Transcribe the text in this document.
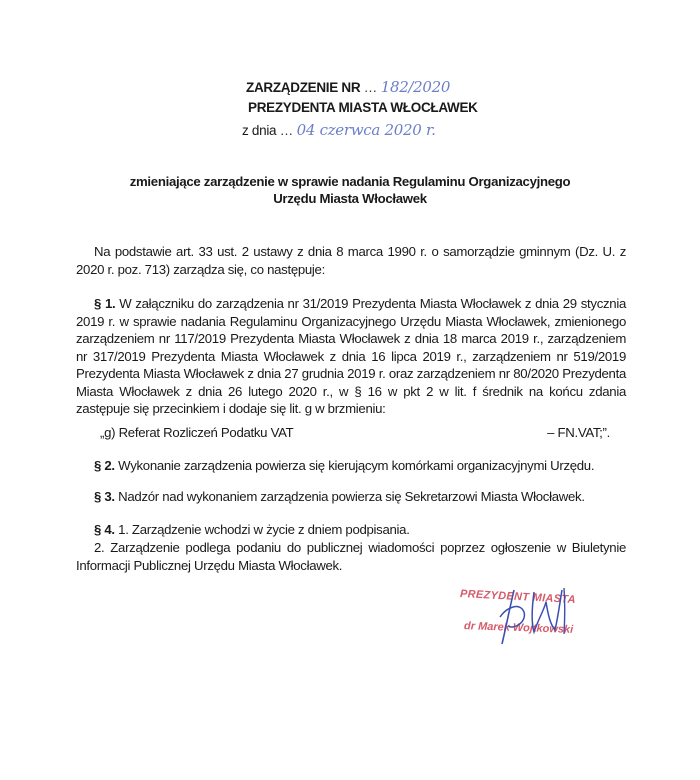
ZARZĄDZENIE NR … 182/2020
PREZYDENTA MIASTA WŁOCŁAWEK
z dnia … 04 czerwca 2020 r.
zmieniające zarządzenie w sprawie nadania Regulaminu Organizacyjnego
Urzędu Miasta Włocławek
Na podstawie art. 33 ust. 2 ustawy z dnia 8 marca 1990 r. o samorządzie gminnym (Dz. U. z 2020 r. poz. 713) zarządza się, co następuje:
§ 1. W załączniku do zarządzenia nr 31/2019 Prezydenta Miasta Włocławek z dnia 29 stycznia 2019 r. w sprawie nadania Regulaminu Organizacyjnego Urzędu Miasta Włocławek, zmienionego zarządzeniem nr 117/2019 Prezydenta Miasta Włocławek z dnia 18 marca 2019 r., zarządzeniem nr 317/2019 Prezydenta Miasta Włocławek z dnia 16 lipca 2019 r., zarządzeniem nr 519/2019 Prezydenta Miasta Włocławek z dnia 27 grudnia 2019 r. oraz zarządzeniem nr 80/2020 Prezydenta Miasta Włocławek z dnia 26 lutego 2020 r., w § 16 w pkt 2 w lit. f średnik na końcu zdania zastępuje się przecinkiem i dodaje się lit. g w brzmieniu:
„g) Referat Rozliczeń Podatku VAT	– FN.VAT;”.
§ 2. Wykonanie zarządzenia powierza się kierującym komórkami organizacyjnymi Urzędu.
§ 3. Nadzór nad wykonaniem zarządzenia powierza się Sekretarzowi Miasta Włocławek.
§ 4. 1. Zarządzenie wchodzi w życie z dniem podpisania.
2. Zarządzenie podlega podaniu do publicznej wiadomości poprzez ogłoszenie w Biuletynie Informacji Publicznej Urzędu Miasta Włocławek.
PREZYDENT MIASTA
dr Marek Wojtkowski
